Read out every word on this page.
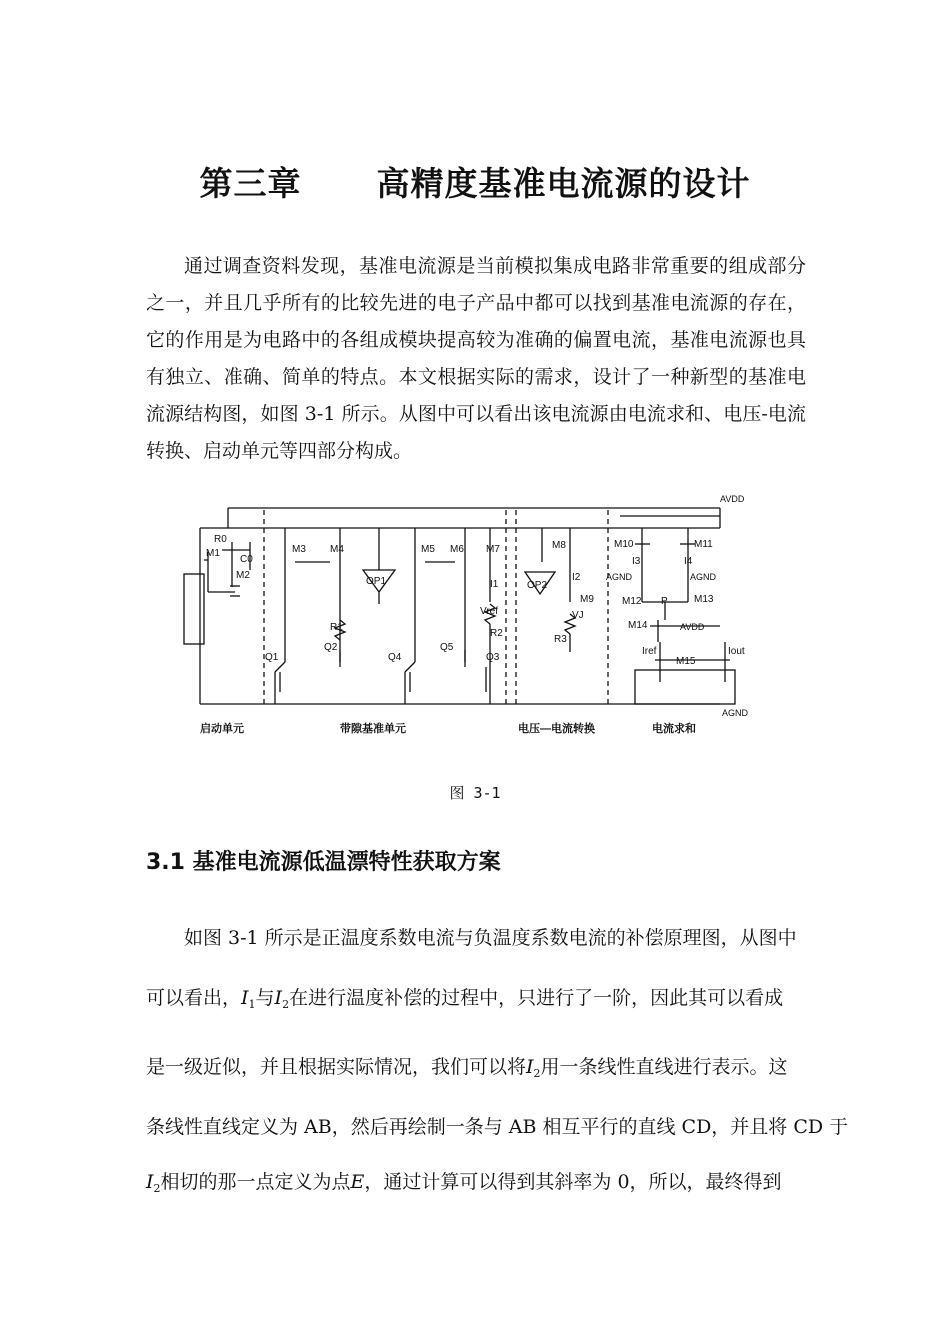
第三章      高精度基准电流源的设计

通过调查资料发现，基准电流源是当前模拟集成电路非常重要的组成部分之一，并且几乎所有的比较先进的电子产品中都可以找到基准电流源的存在，它的作用是为电路中的各组成模块提高较为准确的偏置电流，基准电流源也具有独立、准确、简单的特点。本文根据实际的需求，设计了一种新型的基准电流源结构图，如图 3-1 所示。从图中可以看出该电流源由电流求和、电压-电流转换、启动单元等四部分构成。

R0
M1
C0
M2
M3 M4
OP1
M5 M6
R1
Q1
Q2
Q4
Q5
M7
I1
Vref
R2
Q3
M8
OP2
I2
M9
VJ
R3
M10	M11
I3	I4
AGND	AGND
M12 P	M13
M14	AVDD
Iref	Iout
M15
AVDD
AGND
启动单元	带隙基准单元	电压—电流转换	电流求和
图 3-1
3.1 基准电流源低温漂特性获取方案
如图 3-1 所示是正温度系数电流与负温度系数电流的补偿原理图，从图中
可以看出，$I_1$与$I_2$在进行温度补偿的过程中，只进行了一阶，因此其可以看成
是一级近似，并且根据实际情况，我们可以将$I_2$用一条线性直线进行表示。这
条线性直线定义为 AB，然后再绘制一条与 AB 相互平行的直线 CD，并且将 CD 于
$I_2$相切的那一点定义为点E，通过计算可以得到其斜率为 0，所以，最终得到
